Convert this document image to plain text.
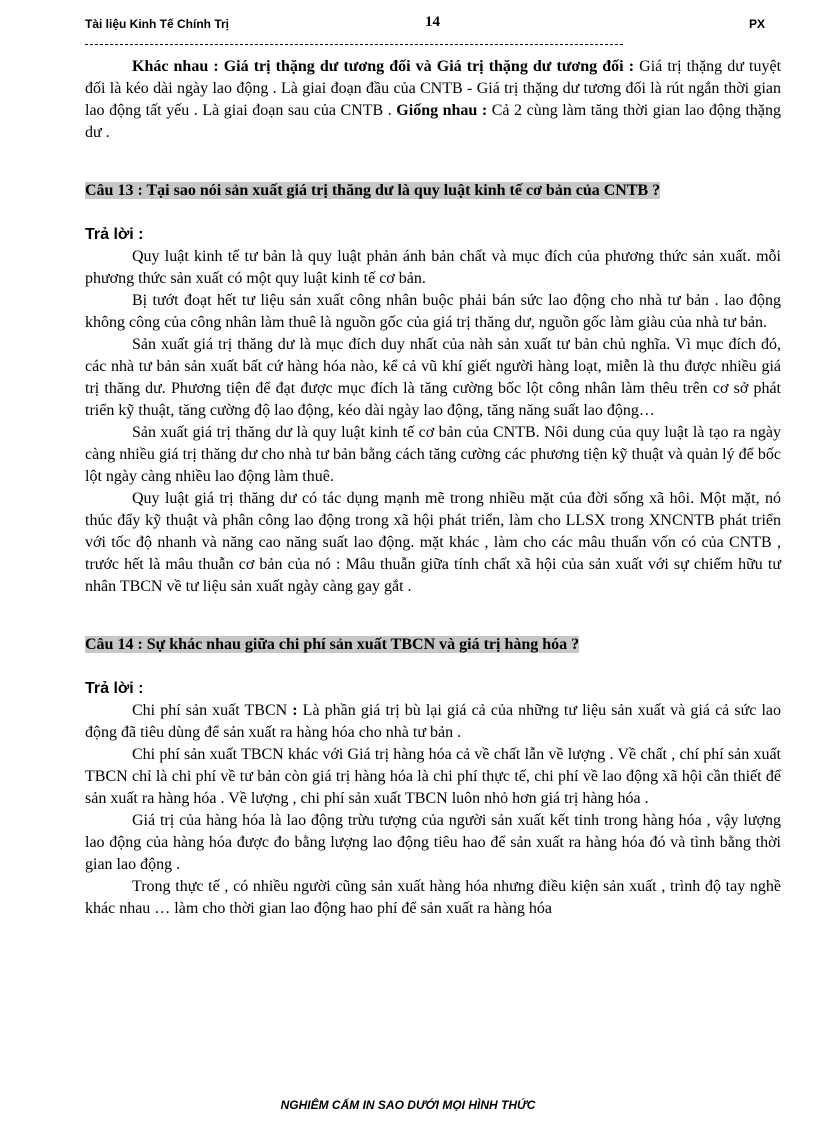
Tài liệu Kinh Tế Chính Trị	14	PX

Khác nhau : Giá trị thặng dư tương đối và Giá trị thặng dư tương đối : Giá trị thặng dư tuyệt đối là kéo dài ngày lao động . Là giai đoạn đầu của CNTB - Giá trị thặng dư tương đối là rút ngắn thời gian lao động tất yếu . Là giai đoạn sau của CNTB . Giống nhau : Cả 2 cùng làm tăng thời gian lao động thặng dư .

Câu 13 : Tại sao nói sản xuất giá trị thăng dư là quy luật kinh tế cơ bản của CNTB ?
Trả lời :

Quy luật kinh tế tư bản là quy luật phản ánh bản chất và mục đích của phương thức sản xuất. mỗi phương thức sản xuất có một quy luật kinh tế cơ bản.

Bị tướt đoạt hết tư liệu sản xuất công nhân buộc phải bán sức lao động cho nhà tư bản . lao động không công của công nhân làm thuê là nguồn gốc của giá trị thăng dư, nguồn gốc làm giàu của nhà tư bản.

Sản xuất giá trị thăng dư là mục đích duy nhất của nàh sản xuất tư bản chủ nghĩa. Vì mục đích đó, các nhà tư bản sản xuất bất cứ hàng hóa nào, kể cả vũ khí giết người hàng loạt, miễn là thu được nhiều giá trị thăng dư. Phương tiện để đạt được mục đích là tăng cường bốc lột công nhân làm thêu trên cơ sở phát triển kỹ thuật, tăng cường độ lao động, kéo dài ngày lao động, tăng năng suất lao động…

Sản xuất giá trị thăng dư là quy luật kinh tế cơ bản của CNTB. Nôi dung của quy luật là tạo ra ngày càng nhiều giá trị thăng dư cho nhà tư bản bằng cách tăng cường các phương tiện kỹ thuật và quản lý để bốc lột ngày càng nhiều lao động làm thuê.

Quy luật giá trị thăng dư có tác dụng mạnh mẽ trong nhiều mặt của đời sống xã hôi. Một mặt, nó thúc đẩy kỹ thuật và phân công lao động trong xã hội phát triển, làm cho LLSX trong XNCNTB phát triển với tốc độ nhanh và năng cao năng suất lao động. mặt khác , làm cho các mâu thuẩn vốn có của CNTB , trước hết là mâu thuẫn cơ bản của nó : Mâu thuẫn giữa tính chất xã hội của sản xuất với sự chiếm hữu tư nhân TBCN về tư liệu sản xuất ngày càng gay gắt .

Câu 14 : Sự khác nhau giữa chi phí sản xuất TBCN và giá trị hàng hóa ?
Trả lời :

Chi phí sản xuất TBCN : Là phần giá trị bù lại giá cả của những tư liệu sản xuất và giá cả sức lao động đã tiêu dùng để sản xuất ra hàng hóa cho nhà tư bản .

Chi phí sản xuất TBCN khác với Giá trị hàng hóa cả về chất lẫn về lượng . Về chất , chí phí sản xuất TBCN chỉ là chi phí về tư bản còn giá trị hàng hóa là chi phí thực tế, chi phí về lao động xã hội cần thiết để sản xuất ra hàng hóa . Về lượng , chi phí sản xuất TBCN luôn nhỏ hơn giá trị hàng hóa .

Giá trị của hàng hóa là lao động trừu tượng của người sản xuất kết tinh trong hàng hóa , vậy lượng lao động của hàng hóa được đo bằng lượng lao động tiêu hao để sản xuất ra hàng hóa đó và tình bằng thời gian lao động .

Trong thực tế , có nhiều người cũng sản xuất hàng hóa nhưng điều kiện sản xuất , trình độ tay nghề khác nhau … làm cho thời gian lao động hao phí để sản xuất ra hàng hóa

NGHIÊM CẤM IN SAO DƯỚI MỌI HÌNH THỨC
